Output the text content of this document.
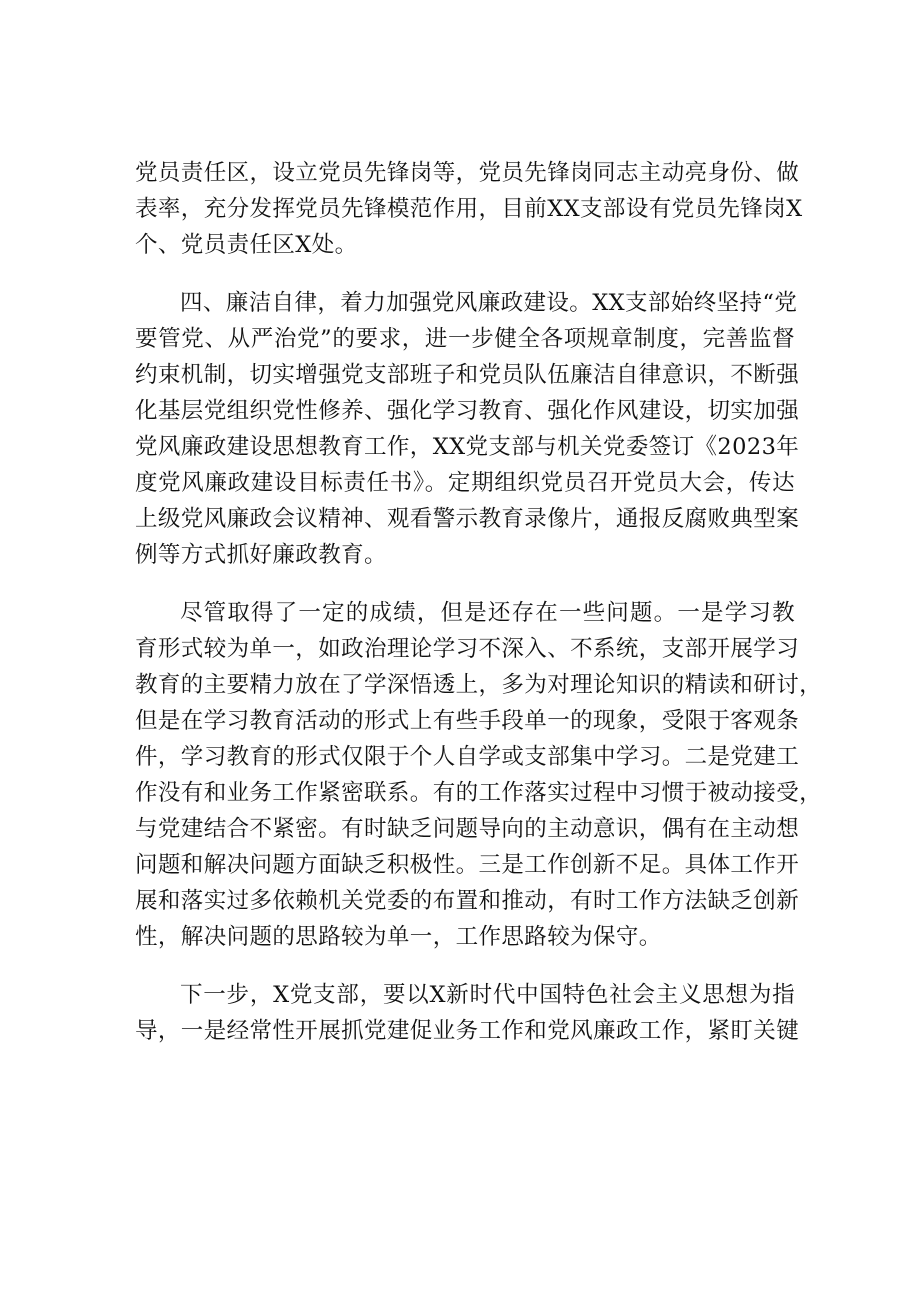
党员责任区，设立党员先锋岗等，党员先锋岗同志主动亮身份、做
表率，充分发挥党员先锋模范作用，目前XX支部设有党员先锋岗X
个、党员责任区X处。

四、廉洁自律，着力加强党风廉政建设。XX支部始终坚持“党
要管党、从严治党”的要求，进一步健全各项规章制度，完善监督
约束机制，切实增强党支部班子和党员队伍廉洁自律意识，不断强
化基层党组织党性修养、强化学习教育、强化作风建设，切实加强
党风廉政建设思想教育工作，XX党支部与机关党委签订《2023年
度党风廉政建设目标责任书》。定期组织党员召开党员大会，传达
上级党风廉政会议精神、观看警示教育录像片，通报反腐败典型案
例等方式抓好廉政教育。

尽管取得了一定的成绩，但是还存在一些问题。一是学习教
育形式较为单一，如政治理论学习不深入、不系统，支部开展学习
教育的主要精力放在了学深悟透上，多为对理论知识的精读和研讨，
但是在学习教育活动的形式上有些手段单一的现象，受限于客观条
件，学习教育的形式仅限于个人自学或支部集中学习。二是党建工
作没有和业务工作紧密联系。有的工作落实过程中习惯于被动接受，
与党建结合不紧密。有时缺乏问题导向的主动意识，偶有在主动想
问题和解决问题方面缺乏积极性。三是工作创新不足。具体工作开
展和落实过多依赖机关党委的布置和推动，有时工作方法缺乏创新
性，解决问题的思路较为单一，工作思路较为保守。

下一步，X党支部，要以X新时代中国特色社会主义思想为指
导，一是经常性开展抓党建促业务工作和党风廉政工作，紧盯关键
